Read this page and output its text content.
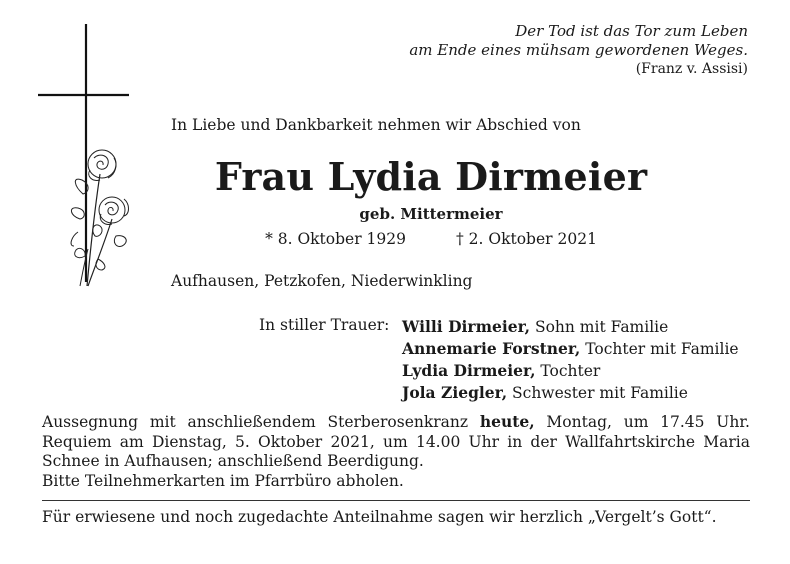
Der Tod ist das Tor zum Leben
am Ende eines mühsam gewordenen Weges.
(Franz v. Assisi)
In Liebe und Dankbarkeit nehmen wir Abschied von
Frau Lydia Dirmeier
geb. Mittermeier
* 8. Oktober 1929	† 2. Oktober 2021
Aufhausen, Petzkofen, Niederwinkling
In stiller Trauer: Willi Dirmeier, Sohn mit Familie
Annemarie Forstner, Tochter mit Familie
Lydia Dirmeier, Tochter
Jola Ziegler, Schwester mit Familie

Aussegnung mit anschließendem Sterberosenkranz heute, Montag, um 17.45 Uhr.

Requiem am Dienstag, 5. Oktober 2021, um 14.00 Uhr in der Wallfahrtskirche Maria

Schnee in Aufhausen; anschließend Beerdigung.

Bitte Teilnehmerkarten im Pfarrbüro abholen.

Für erwiesene und noch zugedachte Anteilnahme sagen wir herzlich „Vergelt’s Gott“.
